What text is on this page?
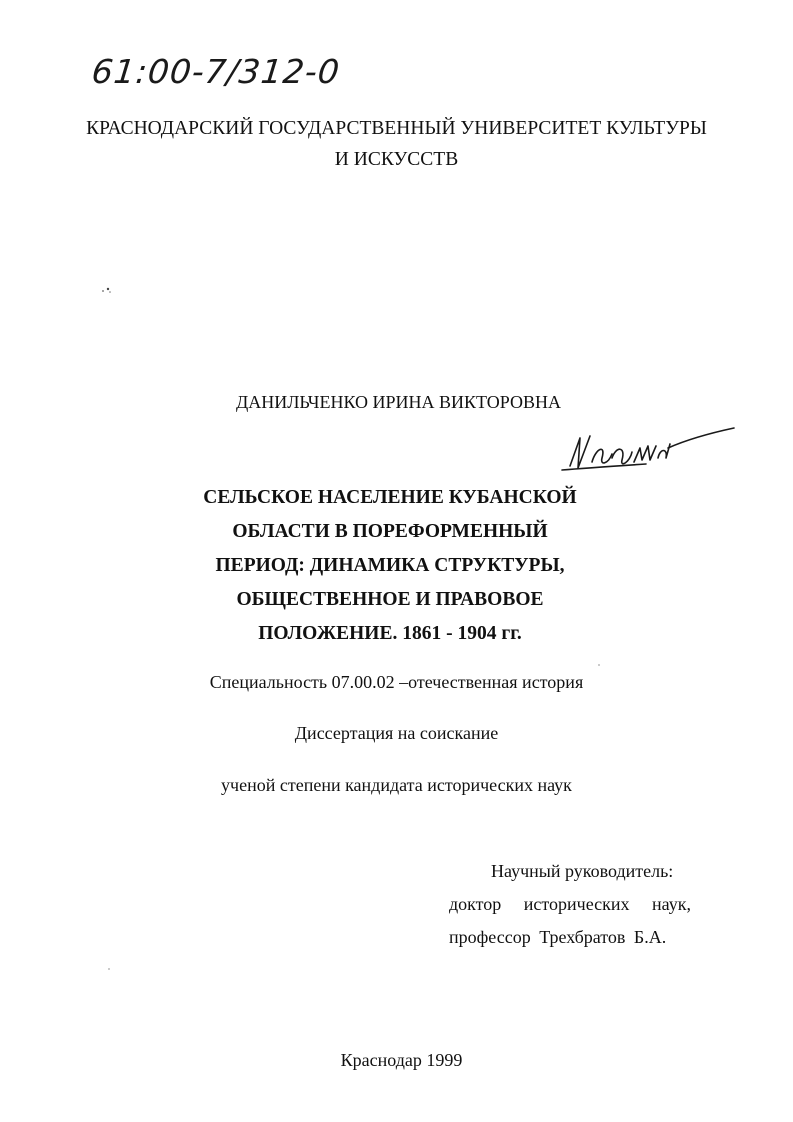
61:00-7/312-0
КРАСНОДАРСКИЙ ГОСУДАРСТВЕННЫЙ УНИВЕРСИТЕТ КУЛЬТУРЫ
И ИСКУССТВ
ДАНИЛЬЧЕНКО ИРИНА ВИКТОРОВНА
СЕЛЬСКОЕ НАСЕЛЕНИЕ КУБАНСКОЙ
ОБЛАСТИ В ПОРЕФОРМЕННЫЙ
ПЕРИОД: ДИНАМИКА СТРУКТУРЫ,
ОБЩЕСТВЕННОЕ И ПРАВОВОЕ
ПОЛОЖЕНИЕ. 1861 - 1904 гг.
Специальность 07.00.02 –отечественная история
Диссертация на соискание
ученой степени кандидата исторических наук
Научный руководитель:
доктор исторических наук,
профессор Трехбратов Б.А.
Краснодар 1999
